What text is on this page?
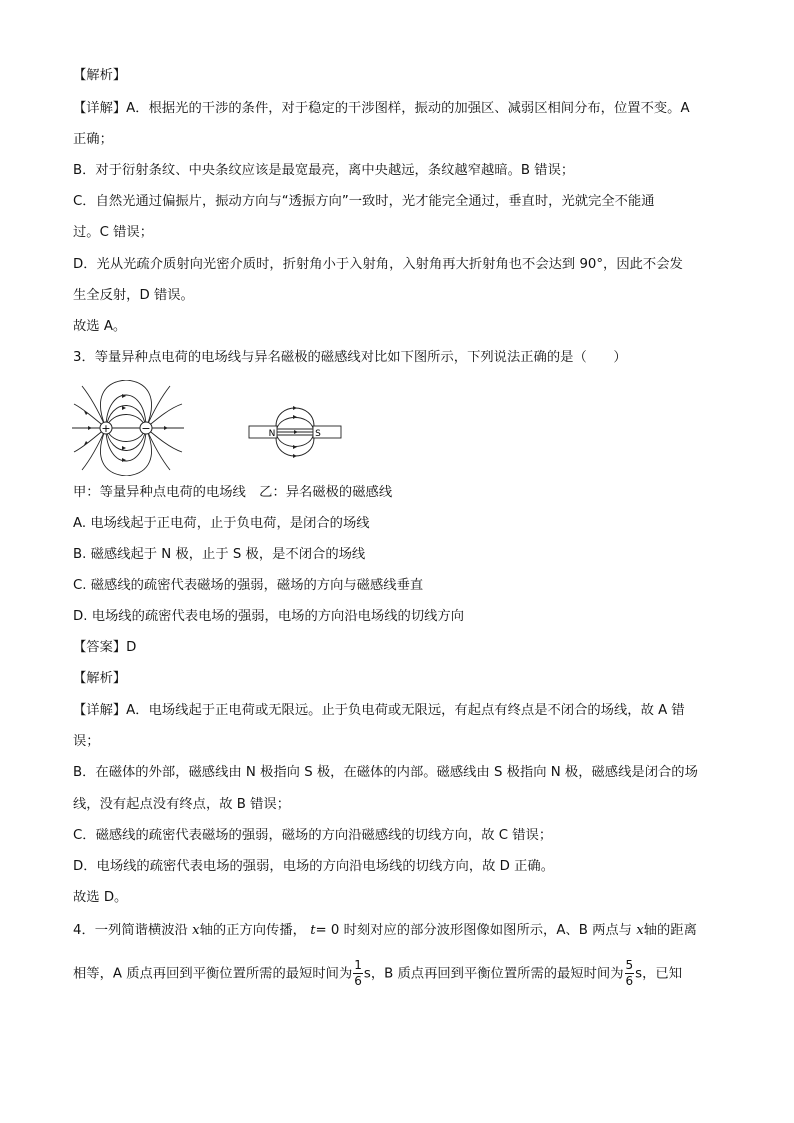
【解析】
【详解】A．根据光的干涉的条件，对于稳定的干涉图样，振动的加强区、减弱区相间分布，位置不变。A
正确；
B．对于衍射条纹、中央条纹应该是最宽最亮，离中央越远，条纹越窄越暗。B 错误；
C．自然光通过偏振片，振动方向与“透振方向”一致时，光才能完全通过，垂直时，光就完全不能通
过。C 错误；
D．光从光疏介质射向光密介质时，折射角小于入射角，入射角再大折射角也不会达到 90°，因此不会发
生全反射，D 错误。
故选 A。
3．等量异种点电荷的电场线与异名磁极的磁感线对比如下图所示，下列说法正确的是（　　）
+	−	N	S
甲：等量异种点电荷的电场线　乙：异名磁极的磁感线
A. 电场线起于正电荷，止于负电荷，是闭合的场线
B. 磁感线起于 N 极，止于 S 极，是不闭合的场线
C. 磁感线的疏密代表磁场的强弱，磁场的方向与磁感线垂直
D. 电场线的疏密代表电场的强弱，电场的方向沿电场线的切线方向
【答案】D
【解析】
【详解】A．电场线起于正电荷或无限远。止于负电荷或无限远，有起点有终点是不闭合的场线，故 A 错
误；
B．在磁体的外部，磁感线由 N 极指向 S 极，在磁体的内部。磁感线由 S 极指向 N 极，磁感线是闭合的场
线，没有起点没有终点，故 B 错误；
C．磁感线的疏密代表磁场的强弱，磁场的方向沿磁感线的切线方向，故 C 错误；
D．电场线的疏密代表电场的强弱，电场的方向沿电场线的切线方向，故 D 正确。
故选 D。
4．一列简谐横波沿 x轴的正方向传播， t= 0 时刻对应的部分波形图像如图所示，A、B 两点与 x轴的距离
相等，A 质点再回到平衡位置所需的最短时间为 $\frac{1}{6}$ s，B 质点再回到平衡位置所需的最短时间为 $\frac{5}{6}$ s，已知
